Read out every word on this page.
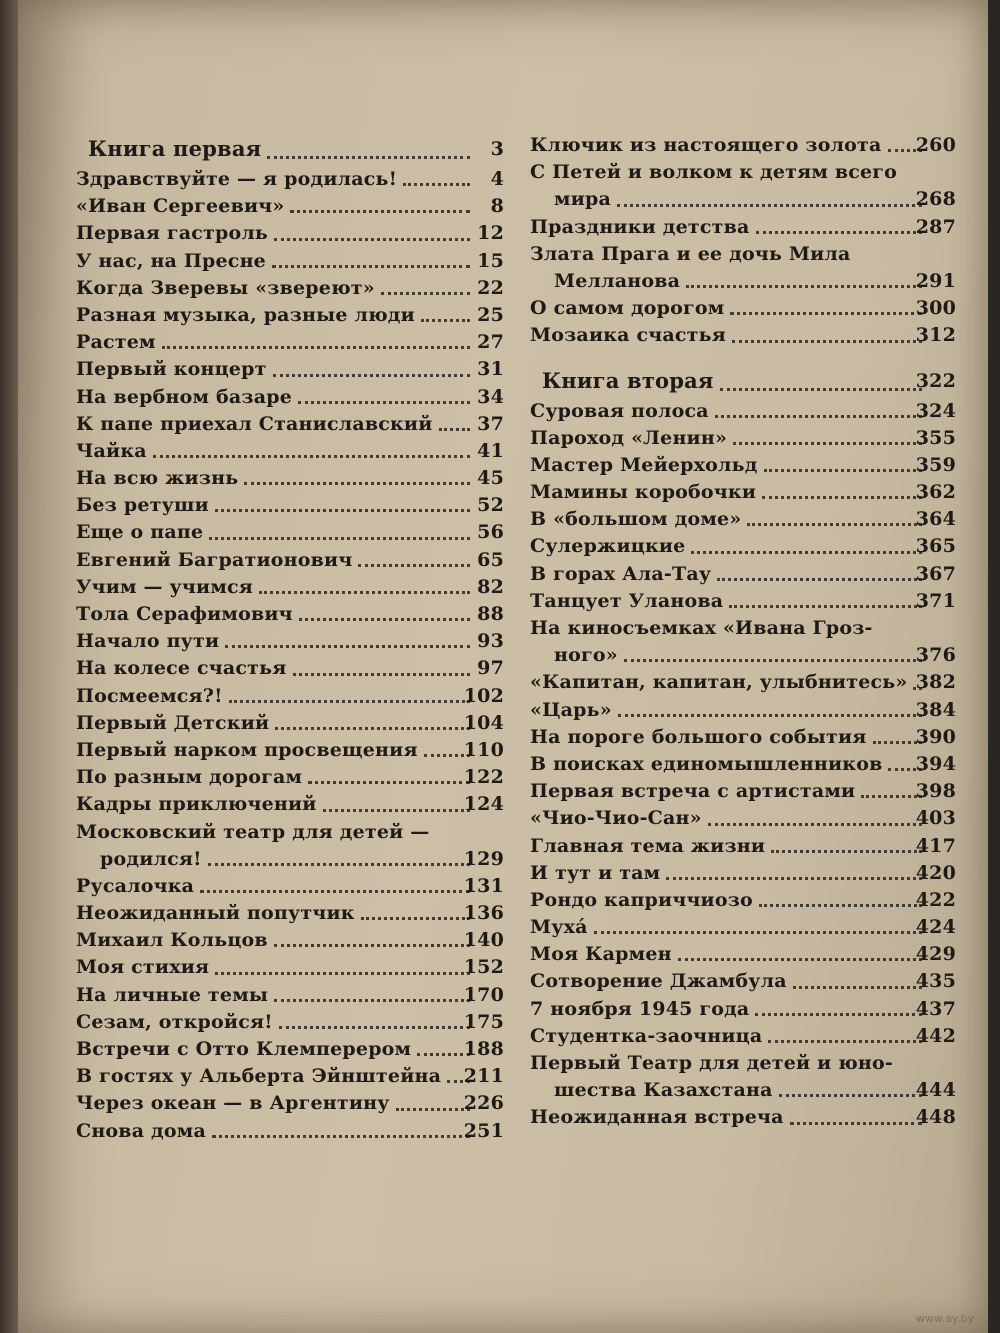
Книга первая	3
Здравствуйте — я родилась!	4
«Иван Сергеевич»	8
Первая гастроль	12
У нас, на Пресне	15
Когда Зверевы «звереют»	22
Разная музыка, разные люди	25
Растем	27
Первый концерт	31
На вербном базаре	34
К папе приехал Станиславский 37
Чайка	41
На всю жизнь	45
Без ретуши	52
Еще о папе	56
Евгений Багратионович	65
Учим — учимся	82
Тола Серафимович	88
Начало пути	93
На колесе счастья	97
Посмеемся?!	102
Первый Детский	104
Первый нарком просвещения 110
По разным дорогам	122
Кадры приключений	124
Московский театр для детей —
родился!	129
Русалочка	131
Неожиданный попутчик	136
Михаил Кольцов	140
Моя стихия	152
На личные темы	170
Сезам, откройся!	175
Встречи с Отто Клемперером	188
В гостях у Альберта Эйнштейна 211
Через океан — в Аргентину	226
Снова дома	251
Ключик из настоящего золота 260
С Петей и волком к детям всего
мира	268
Праздники детства	287
Злата Прага и ее дочь Мила
Мелланова	291
О самом дорогом	300
Мозаика счастья	312
Книга вторая	322
Суровая полоса	324
Пароход «Ленин»	355
Мастер Мейерхольд	359
Мамины коробочки	362
В «большом доме»	364
Сулержицкие	365
В горах Ала-Тау	367
Танцует Уланова	371
На киносъемках «Ивана Гроз-
ного»	376
«Капитан, капитан, улыбнитесь» 382
«Царь»	384
На пороге большого события	390
В поисках единомышленников 394
Первая встреча с артистами	398
«Чио-Чио-Сан»	403
Главная тема жизни	417
И тут и там	420
Рондо каприччиозо	422
Муха́	424
Моя Кармен	429
Сотворение Джамбула	435
7 ноября 1945 года	437
Студентка-заочница	442
Первый Театр для детей и юно-
шества Казахстана	444
Неожиданная встреча	448
www.ay.by
